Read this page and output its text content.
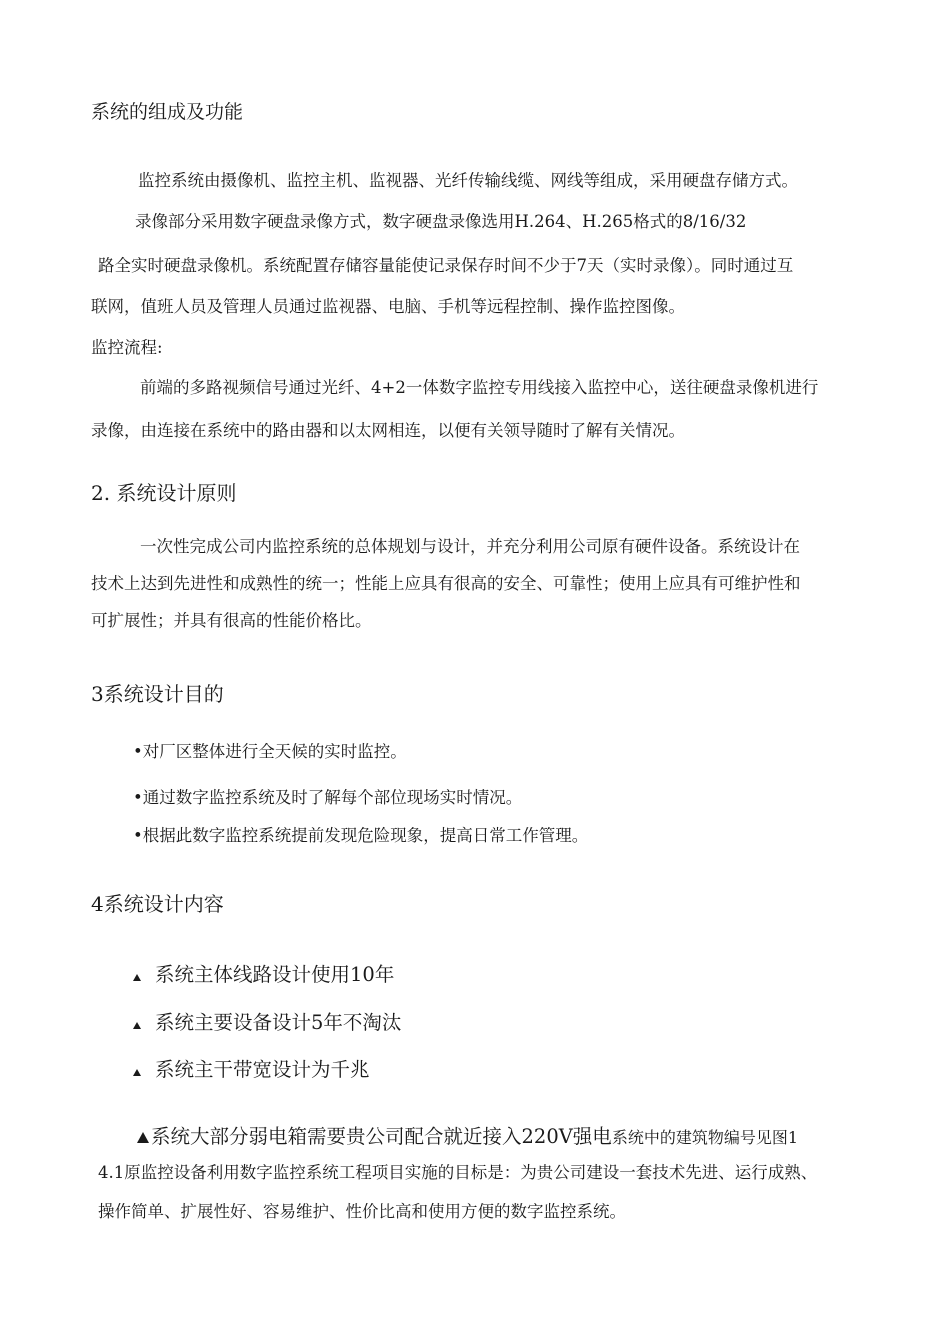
系统的组成及功能
监控系统由摄像机、监控主机、监视器、光纤传输线缆、网线等组成，采用硬盘存储方式。
录像部分采用数字硬盘录像方式，数字硬盘录像选用H.264、H.265格式的8/16/32
路全实时硬盘录像机。系统配置存储容量能使记录保存时间不少于7天（实时录像）。同时通过互
联网，值班人员及管理人员通过监视器、电脑、手机等远程控制、操作监控图像。
监控流程:
前端的多路视频信号通过光纤、4+2一体数字监控专用线接入监控中心，送往硬盘录像机进行
录像，由连接在系统中的路由器和以太网相连，以便有关领导随时了解有关情况。
2. 系统设计原则
一次性完成公司内监控系统的总体规划与设计，并充分利用公司原有硬件设备。系统设计在
技术上达到先进性和成熟性的统一；性能上应具有很高的安全、可靠性；使用上应具有可维护性和
可扩展性；并具有很高的性能价格比。
3系统设计目的
•对厂区整体进行全天候的实时监控。
•通过数字监控系统及时了解每个部位现场实时情况。
•根据此数字监控系统提前发现危险现象，提高日常工作管理。
4系统设计内容
系统主体线路设计使用10年
系统主要设备设计5年不淘汰
系统主干带宽设计为千兆
系统大部分弱电箱需要贵公司配合就近接入220V强电系统中的建筑物编号见图1
4.1原监控设备利用数字监控系统工程项目实施的目标是：为贵公司建设一套技术先进、运行成熟、
操作简单、扩展性好、容易维护、性价比高和使用方便的数字监控系统。
